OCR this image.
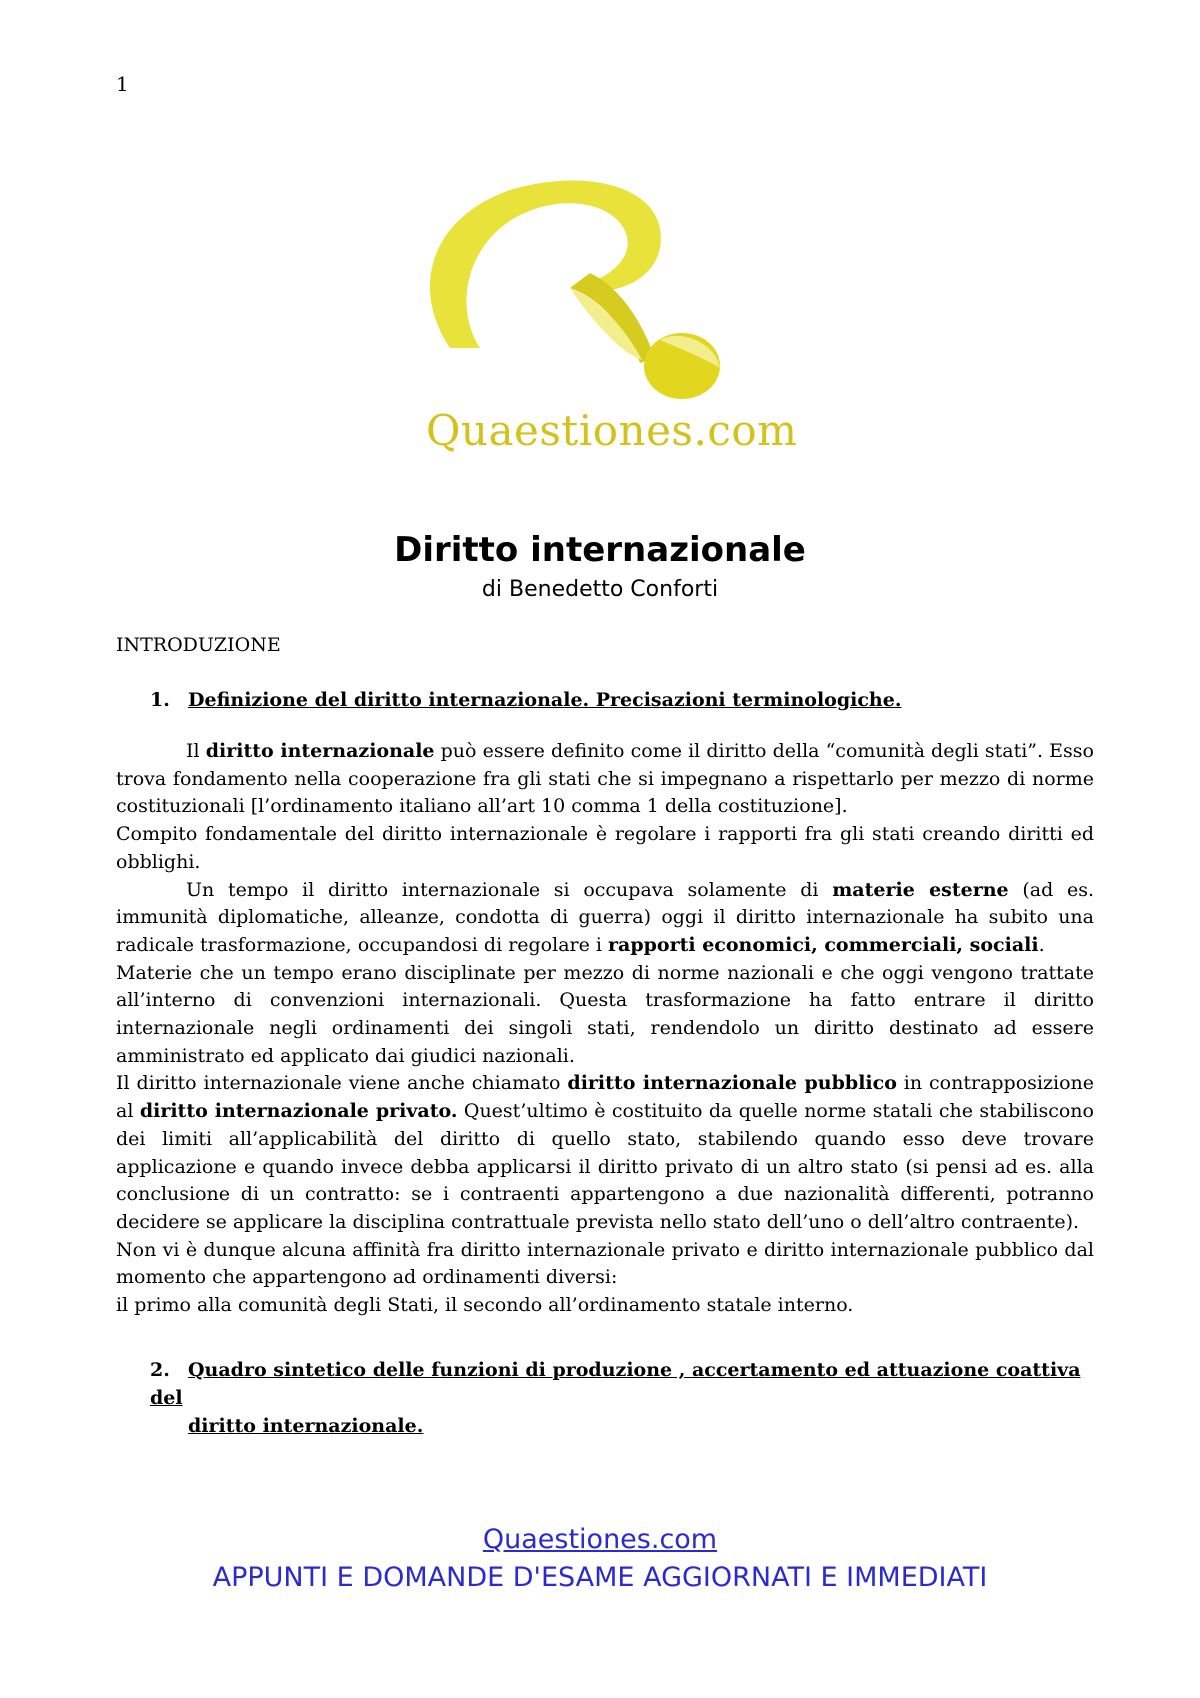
1
Quaestiones.com
Diritto internazionale
di Benedetto Conforti
INTRODUZIONE
1. Definizione del diritto internazionale. Precisazioni terminologiche.

Il diritto internazionale può essere definito come il diritto della “comunità degli stati”. Esso trova fondamento nella cooperazione fra gli stati che si impegnano a rispettarlo per mezzo di norme costituzionali [l’ordinamento italiano all’art 10 comma 1 della costituzione].

Compito fondamentale del diritto internazionale è regolare i rapporti fra gli stati creando diritti ed obblighi.

Un tempo il diritto internazionale si occupava solamente di materie esterne (ad es. immunità diplomatiche, alleanze, condotta di guerra) oggi il diritto internazionale ha subito una radicale trasformazione, occupandosi di regolare i rapporti economici, commerciali, sociali.

Materie che un tempo erano disciplinate per mezzo di norme nazionali e che oggi vengono trattate all’interno di convenzioni internazionali. Questa trasformazione ha fatto entrare il diritto internazionale negli ordinamenti dei singoli stati, rendendolo un diritto destinato ad essere amministrato ed applicato dai giudici nazionali.

Il diritto internazionale viene anche chiamato diritto internazionale pubblico in contrapposizione al diritto internazionale privato. Quest’ultimo è costituito da quelle norme statali che stabiliscono dei limiti all’applicabilità del diritto di quello stato, stabilendo quando esso deve trovare applicazione e quando invece debba applicarsi il diritto privato di un altro stato (si pensi ad es. alla conclusione di un contratto: se i contraenti appartengono a due nazionalità differenti, potranno decidere se applicare la disciplina contrattuale prevista nello stato dell’uno o dell’altro contraente).

Non vi è dunque alcuna affinità fra diritto internazionale privato e diritto internazionale pubblico dal momento che appartengono ad ordinamenti diversi:

il primo alla comunità degli Stati, il secondo all’ordinamento statale interno.

2. Quadro sintetico delle funzioni di produzione , accertamento ed attuazione coattiva del
diritto internazionale.
Quaestiones.com
APPUNTI E DOMANDE D'ESAME AGGIORNATI E IMMEDIATI
